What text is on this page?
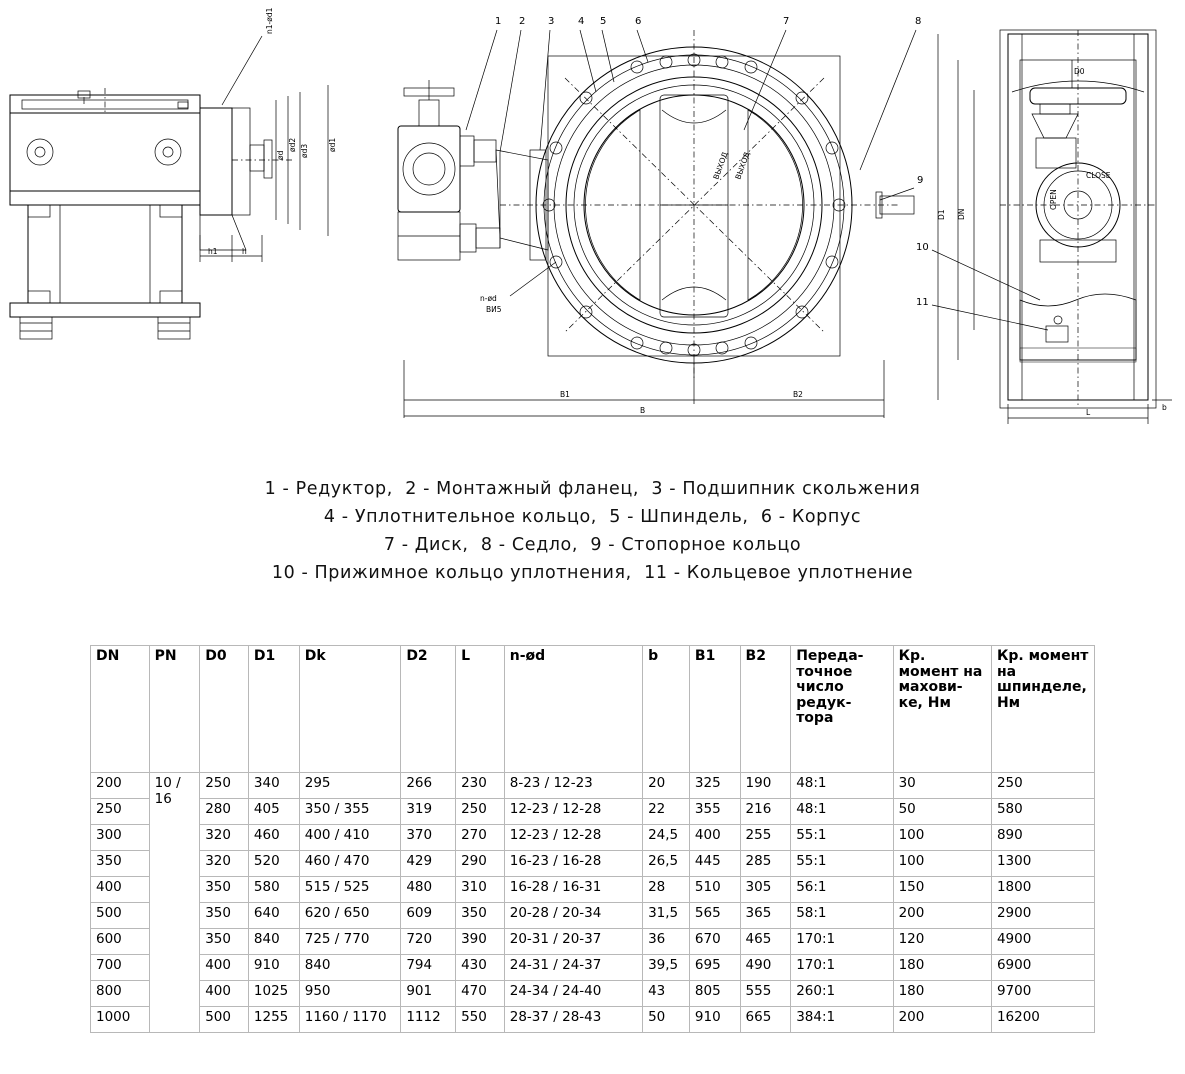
ød
ød2 ød3	ød1
n1-ød1
h1	h
ВЫХОД ВЫХОД
n-ød
ВИ5
1 2 3 4 5	6	7	8
9
B1	B2
B
D0
CLOSE
OPEN
10
11
D1 DN
L
b
1 - Редуктор,  2 - Монтажный фланец,  3 - Подшипник скольжения
4 - Уплотнительное кольцо,  5 - Шпиндель,  6 - Корпус
7 - Диск,  8 - Седло,  9 - Стопорное кольцо
10 - Прижимное кольцо уплотнения,  11 - Кольцевое уплотнение
DN	PN	D0	D1	Dk	D2	L	n-ød	b	B1	B2	Переда-точное число редук-тора	Кр. момент на махови-ке, Нм	Кр. момент на шпинделе, Нм
200	10 / 16	250	340	295	266	230	8-23 / 12-23	20	325	190	48:1	30	250
250		280	405	350 / 355	319	250	12-23 / 12-28	22	355	216	48:1	50	580
300		320	460	400 / 410	370	270	12-23 / 12-28	24,5	400	255	55:1	100	890
350		320	520	460 / 470	429	290	16-23 / 16-28	26,5	445	285	55:1	100	1300
400		350	580	515 / 525	480	310	16-28 / 16-31	28	510	305	56:1	150	1800
500		350	640	620 / 650	609	350	20-28 / 20-34	31,5	565	365	58:1	200	2900
600		350	840	725 / 770	720	390	20-31 / 20-37	36	670	465	170:1	120	4900
700		400	910	840	794	430	24-31 / 24-37	39,5	695	490	170:1	180	6900
800		400	1025	950	901	470	24-34 / 24-40	43	805	555	260:1	180	9700
1000		500	1255	1160 / 1170	1112	550	28-37 / 28-43	50	910	665	384:1	200	16200
